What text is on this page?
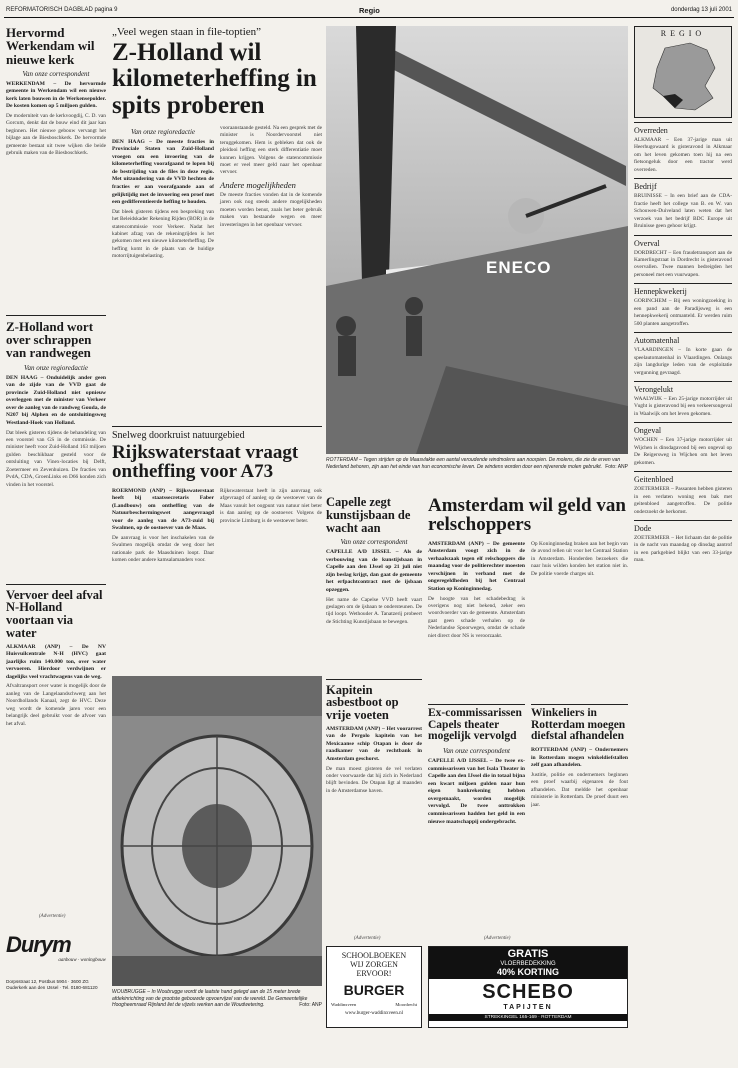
REFORMATORISCH DAGBLAD pagina 9	Regio	donderdag 13 juli 2001
Hervormd Werkendam wil nieuwe kerk
Van onze correspondent
WERKENDAM – De hervormde gemeente in Werkendam wil een nieuwe kerk laten bouwen in de Werkensepolder. De kosten komen op 5 miljoen gulden.
De moderniteit van de kerkvoogdij, C. D. van Gorcum, denkt dat de bouw eind dit jaar kan beginnen. Het nieuwe gebouw vervangt het bijlage aan de Biesboschkerk. De hervormde gemeente bestaat uit twee wijken die beide gebruik maken van de Biesboschkerk.
Z-Holland wort over schrappen van randwegen
Van onze regioredactie
DEN HAAG – Onduidelijk ander geen van de zijde van de VVD gaat de provincie Zuid-Holland niet opnieuw overleggen met de minister van Verkeer over de aanleg van de randweg Gouda, de N207 bij Alphen en de ontsluitingsweg Westland-Hoek van Holland.
Dat bleek gisteren tijdens de behandeling van een voorstel van GS in de commissie. De minister heeft voor Zuid-Holland 163 miljoen gulden beschikbaar gesteld voor de ontsluiting van Vinex-locaties bij Delft, Zoetermeer en Zevenhuizen. De fracties van PvdA, CDA, GroenLinks en D66 konden zich vinden in het voorstel.
Vervoer deel afval N-Holland voortaan via water
ALKMAAR (ANP) – De NV Huisvuilcentrale N-H (HVC) gaat jaarlijks ruim 140.000 ton, over water vervoeren. Hierdoor verdwijnen er dagelijks veel vrachtwagens van de weg.
Afvaltransport over water is mogelijk door de aanleg van de Langelaandschwerg aan het Noordhollands Kanaal, zegt de HVC. Deze weg wordt de komende jaren voor een belangrijk deel gebruikt voor de afvoer van het afval.
(Advertentie)
Durym
aanbouw · woningbouw
Dorpsstraat 12, Postbus 5904 · 3600 ZG Ouderkerk aan den IJssel · Tel. 0180-681120
„Veel wegen staan in file-toptien”
Z-Holland wil kilometerheffing in spits proberen
Van onze regioredactie
DEN HAAG – De meeste fracties in Provinciale Staten van Zuid-Holland vroegen om een invoering van de kilometerheffing voorafgaand te lopen bij de bestrijding van de files in deze regio. Met uitzondering van de VVD hechten de fracties er aan voorafgaande aan of gelijktijdig met de invoering een proef met een gedifferentieerde heffing te houden.
Dat bleek gisteren tijdens een bespreking van het Beleidskader Rekening Rijden (BOR) in de statencommissie voor Verkeer. Nadat het kabinet afzag van de rekeningrijden is het gekomen met een nieuwe kilometerheffing. De heffing komt in de plaats van de huidige motorrijtuigenbelasting.
vooraanstaande gesteld. Na een gesprek met de minister is Noordervoorstel niet teruggekomen. Hem is gebleken dat ook de pleidooi heffing een sterk differentiatie moet kunnen krijgen. Volgens de statencommissie moet er veel meer geld naar het openbaar vervoer.
Andere mogelijkheden
De meeste fracties vonden dat in de komende jaren ook nog steeds andere mogelijkheden moeten worden benut, zoals het beter gebruik maken van bestaande wegen en meer investeringen in het openbaar vervoer.
ENECO
ROTTERDAM – Tegen strijden op de Maasvlakte een aantal veroudende windmolens aan noorpien. De molens, die zie de erven van Nederland behoren, zijn aan het einde van hun economische leven. De windens worden door een nijverende molen gebruikt. Foto: ANP
Snelweg doorkruist natuurgebied
Rijkswaterstaat vraagt ontheffing voor A73
ROERMOND (ANP) – Rijkswaterstaat heeft bij staatssecretaris Faber (Landbouw) om ontheffing van de Natuurbeschermingswet aangevraagd voor de aanleg van de A73-zuid bij Swalmen, op de oostoever van de Maas.
De aanvraag is voor het inschakelen van de Swalmen mogelijk omdat de weg door het nationale park de Maasduinen loopt. Daar komen onder andere kamsalamanders voor.
Rijkswaterstaat heeft in zijn aanvraag ook afgevraagd of aanleg op de westoever van de Maas vanuit het oogpunt van natuur niet beter is dan aanleg op de oostoever. Volgens de provincie Limburg is de westoever beter.
WOUBRUGGE – In Woubrugge wordt de laatste hand gelegd aan de 15 meter brede afdekinrichting van de grootste gebouwde opvoervijzel van de wereld. De Gemeentelijke Hoogheemraad Rijnland liet de vijzels werken aan de Woudwetering.	Foto: ANP
Capelle zegt kunstijsbaan de wacht aan
Van onze correspondent
CAPELLE A/D IJSSEL – Als de verbouwing van de kunstijsbaan in Capelle aan den IJssel op 21 juli niet zijn beslag krijgt, dan gaat de gemeente het erfpachtcontract met de ijsbaan opzeggen.
Het name de Capelse VVD heeft vaart geslagen om de ijsbaan te ondersteunen. De tijd loopt. Wethouder A. Tanatzerij probeert de Stichting Kunstijsbaan te bewegen.
Kapitein asbestboot op vrije voeten
AMSTERDAM (ANP) – Het voorarrest van de Pergolo kapitein van het Mexicaanse schip Otapan is door de raadkamer van de rechtbank in Amsterdam geschorst.
De man moest gisteren de vel verlaten onder voorwaarde dat hij zich in Nederland blijft bevinden. De Otapan ligt al maanden in de Amsterdamse haven.
Amsterdam wil geld van relschoppers
AMSTERDAM (ANP) – De gemeente Amsterdam voogt zich in de verhaalszaak tegen elf relschoppers die maandag voor de politierechter moesten verschijnen in verband met de ongeregeldheden bij het Centraal Station op Koninginnedag.
De hoogte van het schadebedrag is overigens nog niet bekend, zeker een woordvoerder van de gemeente. Amsterdam gaat geen schade verhalen op de Nederlandse Spoorwegen, omdat de schade niet direct door NS is veroorzaakt.
Op Koninginnedag braken aan het begin van de avond rellen uit voor het Centraal Station in Amsterdam. Honderden bezoekers die naar huis wilden konden het station niet in. De politie voerde charges uit.
Ex-commissarissen Capels theater mogelijk vervolgd
Van onze correspondent
CAPELLE A/D IJSSEL – De twee ex-commissarissen van het Isala Theater in Capelle aan den IJssel die in totaal bijna een kwart miljoen gulden naar hun eigen bankrekening hebben overgemaakt, worden mogelijk vervolgd. De twee onttrokken commissarissen hadden het geld in een nieuwe maatschappij ondergebracht.
Winkeliers in Rotterdam moegen diefstal afhandelen
ROTTERDAM (ANP) – Ondernemers in Rotterdam mogen winkeldiefstallen zelf gaan afhandelen.
Justitie, politie en ondernemers beginnen een proef waarbij eigenaren de fout afhandelen. Dat meldde het openbaar ministerie in Rotterdam. De proef duurt een jaar.
(Advertentie)
SCHOOLBOEKEN
WIJ ZORGEN
ERVOOR!
BURGER
Waddinxveen	Moordrecht
www.burger-waddinxveen.nl
(Advertentie)
GRATIS
VLOERBEDEKKING
40% KORTING
SCHEBO
TAPIJTEN
STREKKINGEL 165-169 · ROTTERDAM
REGIO
Overreden
ALKMAAR – Een 37-jarige man uit Heerhugowaard is gisteravond in Alkmaar om het leven gekomen toen hij na een fietsongeluk door een tractor werd overreden.
Bedrijf
BRUINISSE – In een brief aan de CDA-fractie heeft het college van B. en W. van Schouwen-Duiveland laten weten dat het verzoek van het bedrijf BDC Europe uit Bruinisse geen gehoor krijgt.
Overval
DORDRECHT – Een fraudetransport aan de Kamerlingstraat in Dordrecht is gisteravond overvallen. Twee mannen bedreigden het personeel met een vuurwapen.
Hennepkwekerij
GORINCHEM – Bij een woningzoeking in een pand aan de Paradijsweg is een hennepkwekerij ontmanteld. Er werden ruim 500 planten aangetroffen.
Automatenhal
VLAARDINGEN – In korte gaan de speelautomatenhal in Vlaardingen. Onlangs zijn langdurige leden van de exploitatie vergunning gevraagd.
Verongelukt
WAALWIJK – Een 25-jarige motorrijder uit Vught is gisteravond bij een verkeersongeval in Waalwijk om het leven gekomen.
Ongeval
WOCHEN – Een 37-jarige motorrijder uit Wijchen is dinsdagavond bij een ongeval op De Reigersweg in Wijchen om het leven gekomen.
Geitenbloed
ZOETERMEER – Passanten hebben gisteren in een verlaten woning een bak met geitenbloed aangetroffen. De politie onderzoekt de herkomst.
Dode
ZOETERMEER – Het lichaam dat de politie in de nacht van maandag op dinsdag aantrof in een parkgebied blijkt van een 33-jarige man.
